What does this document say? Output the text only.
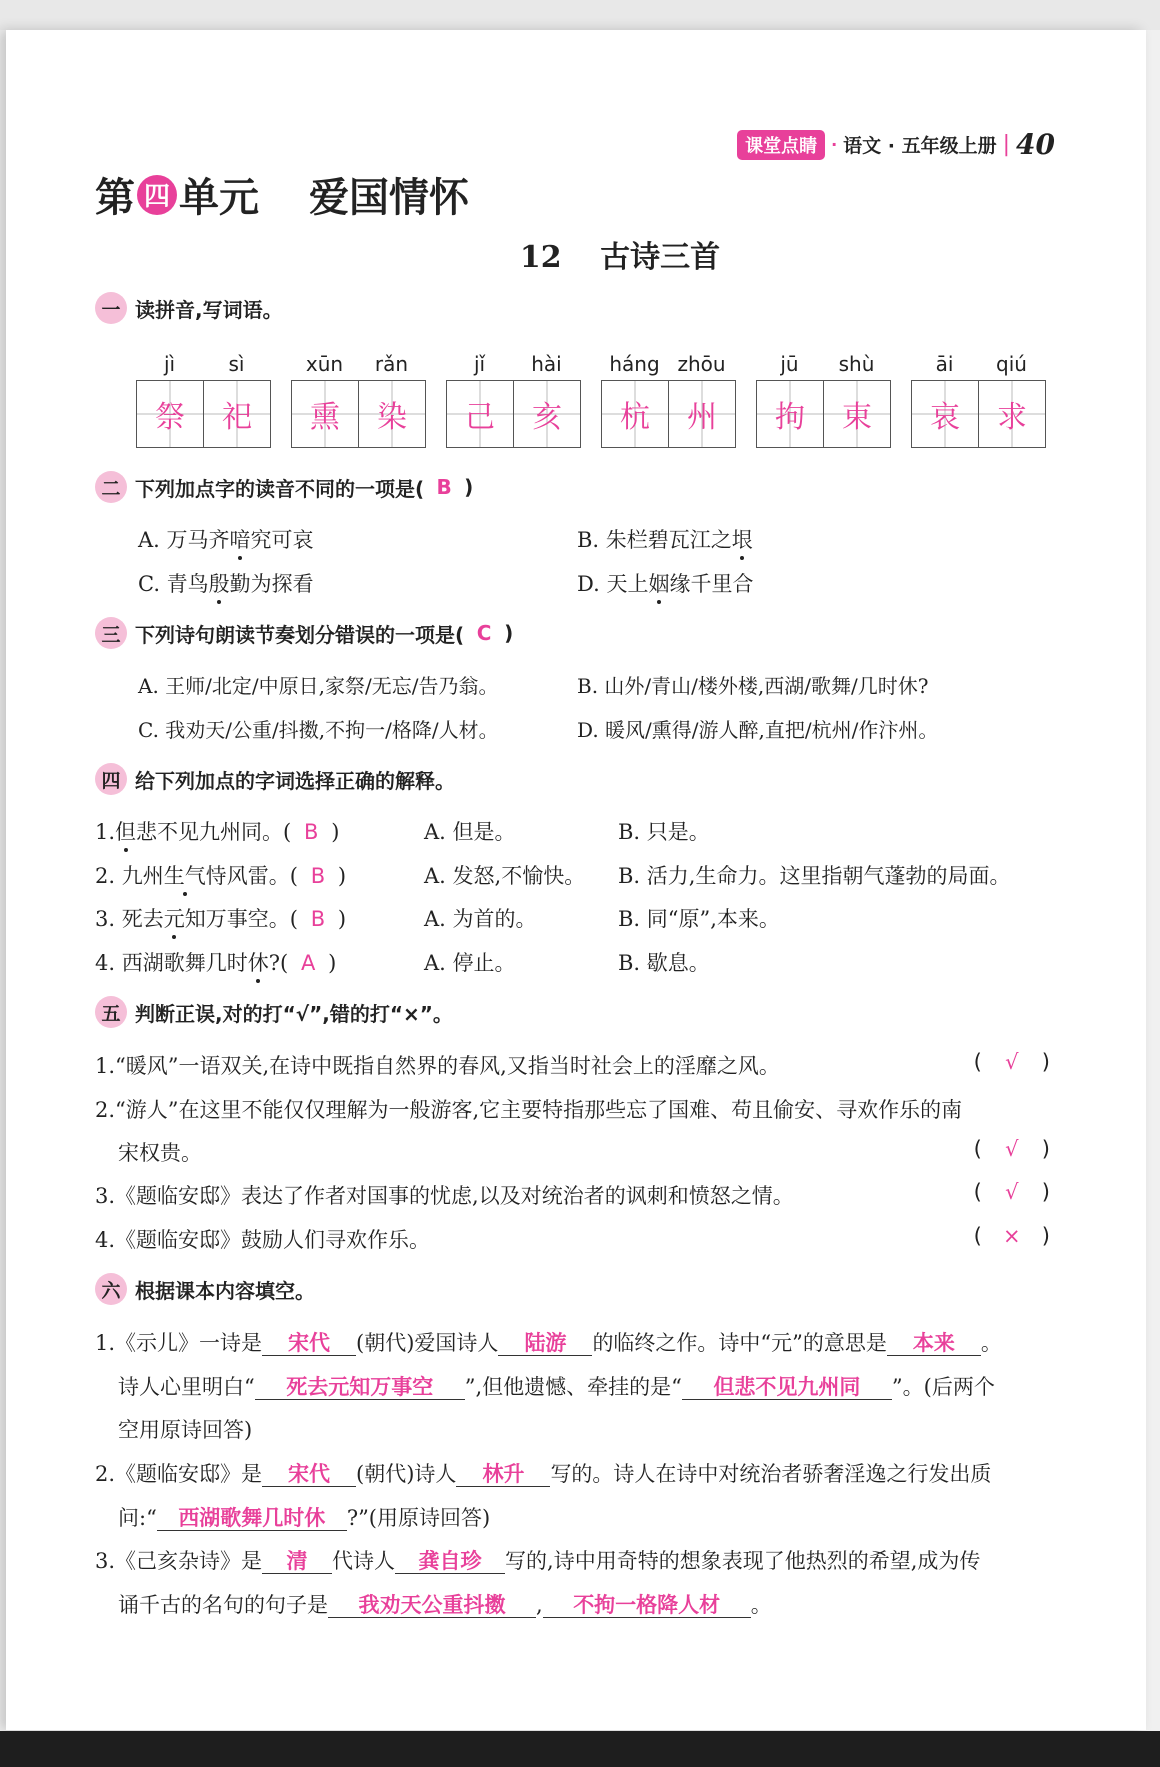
课堂点睛 · 语文 · 五年级上册 | 40
第 四 单元 爱国情怀
12 古诗三首
一 读拼音,写词语。
jì	sì
祭	祀
xūn	rǎn
熏	染
jǐ	hài
己	亥
háng zhōu
杭	州
jū	shù
拘	束
āi	qiú
哀	求
二 下列加点字的读音不同的一项是( B )
A. 万马齐喑究可哀	B. 朱栏碧瓦江之垠
C. 青鸟殷勤为探看	D. 天上姻缘千里合
三 下列诗句朗读节奏划分错误的一项是( C )
A. 王师/北定/中原日,家祭/无忘/告乃翁。	B. 山外/青山/楼外楼,西湖/歌舞/几时休?
C. 我劝天/公重/抖擞,不拘一/格降/人材。	D. 暖风/熏得/游人醉,直把/杭州/作汴州。
四 给下列加点的字词选择正确的解释。
1.但悲不见九州同。( B )	A. 但是。	B. 只是。
2. 九州生气恃风雷。( B )	A. 发怒,不愉快。 B. 活力,生命力。这里指朝气蓬勃的局面。
3. 死去元知万事空。( B )	A. 为首的。	B. 同“原”,本来。
4. 西湖歌舞几时休?( A )	A. 停止。	B. 歇息。
五 判断正误,对的打“√”,错的打“×”。
1.“暖风”一语双关,在诗中既指自然界的春风,又指当时社会上的淫靡之风。	( √ )
2.“游人”在这里不能仅仅理解为一般游客,它主要特指那些忘了国难、苟且偷安、寻欢作乐的南
宋权贵。	( √ )
3.《题临安邸》表达了作者对国事的忧虑,以及对统治者的讽刺和愤怒之情。	( √ )
4.《题临安邸》鼓励人们寻欢作乐。	( × )
六 根据课本内容填空。
1.《示儿》一诗是 宋代 (朝代)爱国诗人 陆游 的临终之作。诗中“元”的意思是 本来 。
诗人心里明白“ 死去元知万事空 ”,但他遗憾、牵挂的是“ 但悲不见九州同 ”。(后两个
空用原诗回答)
2.《题临安邸》是 宋代 (朝代)诗人 林升 写的。诗人在诗中对统治者骄奢淫逸之行发出质
问:“ 西湖歌舞几时休 ?”(用原诗回答)
3.《己亥杂诗》是 清 代诗人 龚自珍 写的,诗中用奇特的想象表现了他热烈的希望,成为传
诵千古的名句的句子是 我劝天公重抖擞 , 不拘一格降人材 。
